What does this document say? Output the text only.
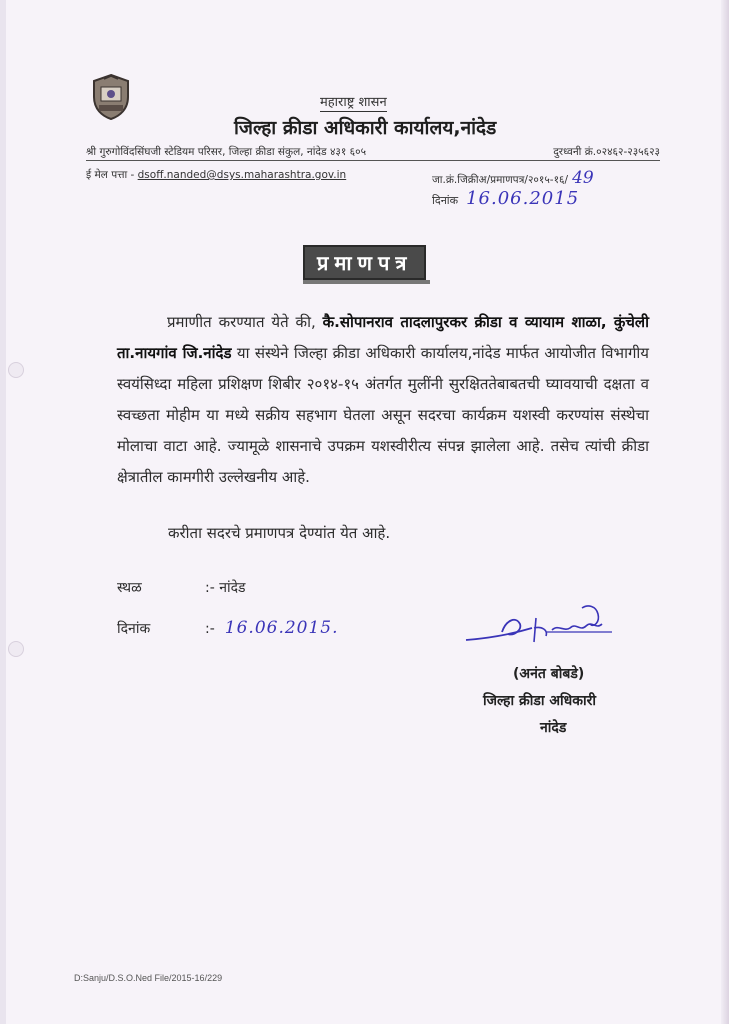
महाराष्ट्र शासन
जिल्हा क्रीडा अधिकारी कार्यालय,नांदेड
श्री गुरुगोविंदसिंघजी स्टेडियम परिसर, जिल्हा क्रीडा संकुल, नांदेड ४३१ ६०५	दुरध्वनी क्रं.०२४६२-२३५६२३
ई मेल पत्ता - dsoff.nanded@dsys.maharashtra.gov.in	जा.क्रं.जिक्रीअ/प्रमाणपत्र/२०१५-१६/ 49
दिनांक 16.06.2015
प्रमाणपत्र
प्रमाणीत करण्यात येते की, कै.सोपानराव तादलापुरकर क्रीडा व व्यायाम शाळा, कुंचेली ता.नायगांव जि.नांदेड या संस्थेने जिल्हा क्रीडा अधिकारी कार्यालय,नांदेड मार्फत आयोजीत विभागीय स्वयंसिध्दा महिला प्रशिक्षण शिबीर २०१४-१५ अंतर्गत मुलींनी सुरक्षिततेबाबतची घ्यावयाची दक्षता व स्वच्छता मोहीम या मध्ये सक्रीय सहभाग घेतला असून सदरचा कार्यक्रम यशस्वी करण्यांस संस्थेचा मोलाचा वाटा आहे. ज्यामूळे शासनाचे उपक्रम यशस्वीरीत्य संपन्न झालेला आहे. तसेच त्यांची क्रीडा क्षेत्रातील कामगीरी उल्लेखनीय आहे.
करीता सदरचे प्रमाणपत्र देण्यांत येत आहे.
स्थळ	:- नांदेड
दिनांक	:- 16.06.2015.
(अनंत बोबडे)
जिल्हा क्रीडा अधिकारी
नांदेड
D:Sanju/D.S.O.Ned File/2015-16/229
